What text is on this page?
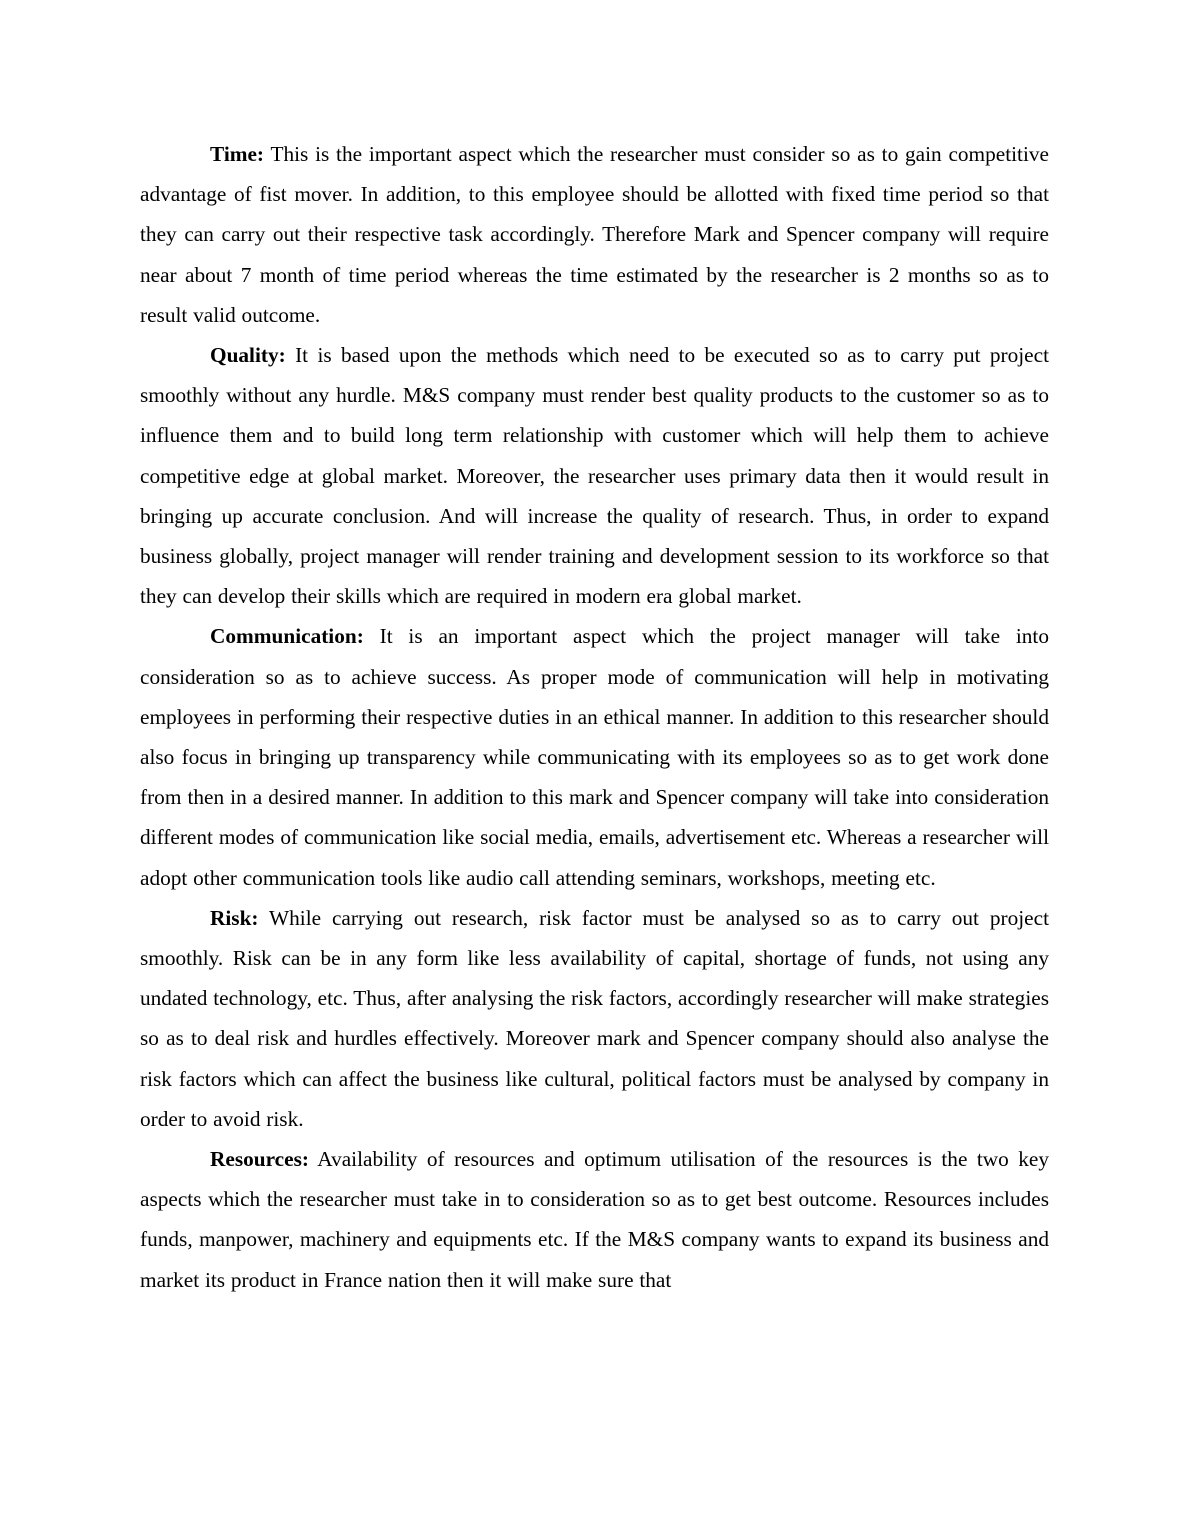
Time: This is the important aspect which the researcher must consider so as to gain competitive advantage of fist mover. In addition, to this employee should be allotted with fixed time period so that they can carry out their respective task accordingly. Therefore Mark and Spencer company will require near about 7 month of time period whereas the time estimated by the researcher is 2 months so as to result valid outcome.

Quality: It is based upon the methods which need to be executed so as to carry put project smoothly without any hurdle. M&S company must render best quality products to the customer so as to influence them and to build long term relationship with customer which will help them to achieve competitive edge at global market. Moreover, the researcher uses primary data then it would result in bringing up accurate conclusion. And will increase the quality of research. Thus, in order to expand business globally, project manager will render training and development session to its workforce so that they can develop their skills which are required in modern era global market.

Communication: It is an important aspect which the project manager will take into consideration so as to achieve success. As proper mode of communication will help in motivating employees in performing their respective duties in an ethical manner. In addition to this researcher should also focus in bringing up transparency while communicating with its employees so as to get work done from then in a desired manner. In addition to this mark and Spencer company will take into consideration different modes of communication like social media, emails, advertisement etc. Whereas a researcher will adopt other communication tools like audio call attending seminars, workshops, meeting etc.

Risk: While carrying out research, risk factor must be analysed so as to carry out project smoothly. Risk can be in any form like less availability of capital, shortage of funds, not using any undated technology, etc. Thus, after analysing the risk factors, accordingly researcher will make strategies so as to deal risk and hurdles effectively. Moreover mark and Spencer company should also analyse the risk factors which can affect the business like cultural, political factors must be analysed by company in order to avoid risk.

Resources: Availability of resources and optimum utilisation of the resources is the two key aspects which the researcher must take in to consideration so as to get best outcome. Resources includes funds, manpower, machinery and equipments etc. If the M&S company wants to expand its business and market its product in France nation then it will make sure that
